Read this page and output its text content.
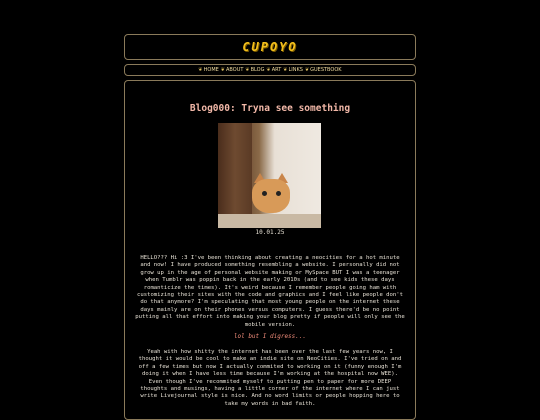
CUPOYO
❦ HOME ❦ ABOUT ❦ BLOG ❦ ART ❦ LINKS ❦ GUESTBOOK
Blog000: Tryna see something
10.01.25
HELLO??? Hi :3 I've been thinking about creating a neocities for a hot minute and now! I have produced something resembling a website. I personally did not grow up in the age of personal website making or MySpace BUT I was a teenager when Tumblr was poppin back in the early 2010s (and to see kids these days romanticize the times). It's weird because I remember people going ham with customizing their sites with the code and graphics and I feel like people don't do that anymore? I'm speculating that most young people on the internet these days mainly are on their phones versus computers. I guess there'd be no point putting all that effort into making your blog pretty if people will only see the mobile version.
lol but I digress...
Yeah with how shitty the internet has been over the last few years now, I thought it would be cool to make an indie site on NeoCities. I've tried on and off a few times but now I actually commited to working on it (funny enough I'm doing it when I have less time because I'm working at the hospital now WEE). Even though I've recommited myself to putting pen to paper for more DEEP thoughts and musings, having a little corner of the internet where I can just write Livejournal style is nice. And no word limits or people hopping here to take my words in bad faith.
